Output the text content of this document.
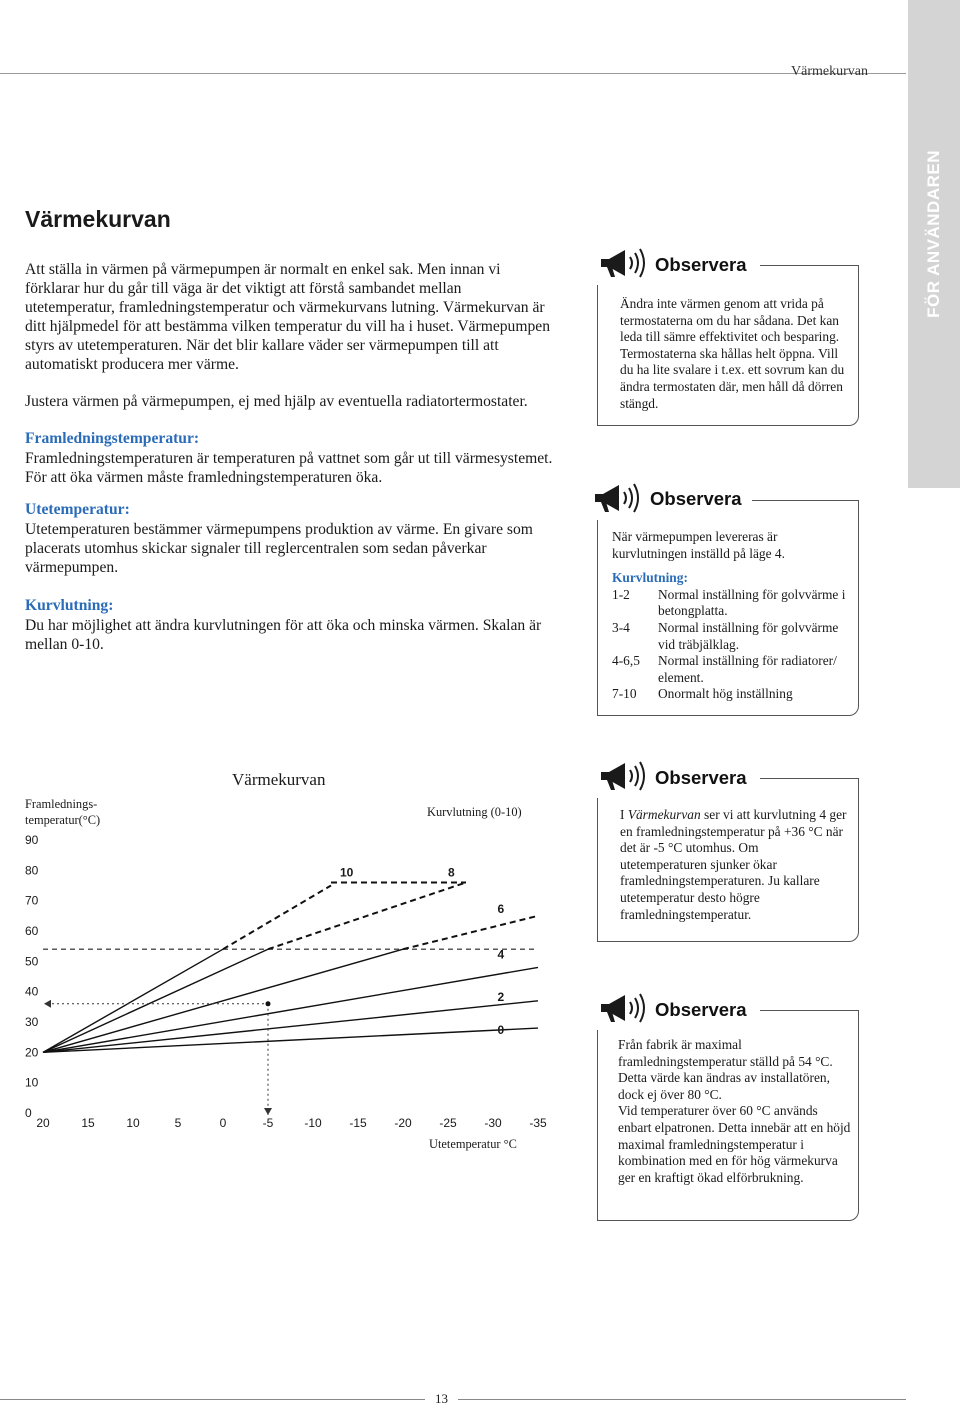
Värmekurvan
FÖR ANVÄNDAREN
Värmekurvan

Att ställa in värmen på värmepumpen är normalt en enkel sak. Men innan vi förklarar hur du går till väga är det viktigt att förstå sambandet mellan utetemperatur, framledningstemperatur och värmekurvans lutning. Värmekurvan är ditt hjälpmedel för att bestämma vilken temperatur du vill ha i huset. Värmepumpen styrs av utetemperaturen. När det blir kallare väder ser värmepumpen till att automatiskt producera mer värme.

Justera värmen på värmepumpen, ej med hjälp av eventuella radiatortermostater.

Framledningstemperatur:

Framledningstemperaturen är temperaturen på vattnet som går ut till värmesystemet. För att öka värmen måste framledningstemperaturen öka.

Utetemperatur:

Utetemperaturen bestämmer värmepumpens produktion av värme. En givare som placerats utomhus skickar signaler till reglercentralen som sedan påverkar värmepumpen.

Kurvlutning:

Du har möjlighet att ändra kurvlutningen för att öka och minska värmen. Skalan är mellan 0-10.

Observera

Ändra inte värmen genom att vrida på termostaterna om du har sådana. Det kan leda till sämre effektivitet och besparing. Termostaterna ska hållas helt öppna. Vill du ha lite svalare i t.ex. ett sovrum kan du ändra termostaten där, men håll då dörren stängd.

Observera
När värmepumpen levereras är kurvlutningen inställd på läge 4.
Kurvlutning:
1-2	Normal inställning för golvvärme i betongplatta.
3-4	Normal inställning för golvvärme vid träbjälklag.
4-6,5	Normal inställning för radiatorer/ element.
7-10	Onormalt hög inställning
Observera

I Värmekurvan ser vi att kurvlutning 4 ger en framledningstemperatur på +36 °C när det är -5 °C utomhus. Om utetemperaturen sjunker ökar framledningstemperaturen. Ju kallare utetemperatur desto högre framledningstemperatur.

Observera
Från fabrik är maximal framledningstemperatur ställd på 54 °C. Detta värde kan ändras av installatören, dock ej över 80 °C.
Vid temperaturer över 60 °C används enbart elpatronen. Detta innebär att en höjd maximal framledningstemperatur i kombination med en för hög värmekurva ger en kraftigt ökad elförbrukning.
Värmekurvan
Framlednings-
temperatur(°C)
Kurvlutning (0-10)
0
10
20
30
40
50
60
70
80
90
20	15	10	5	0	-5	-10 -15 -20 -25 -30 -35
10	8
6
4
2
0
Utetemperatur °C
13
